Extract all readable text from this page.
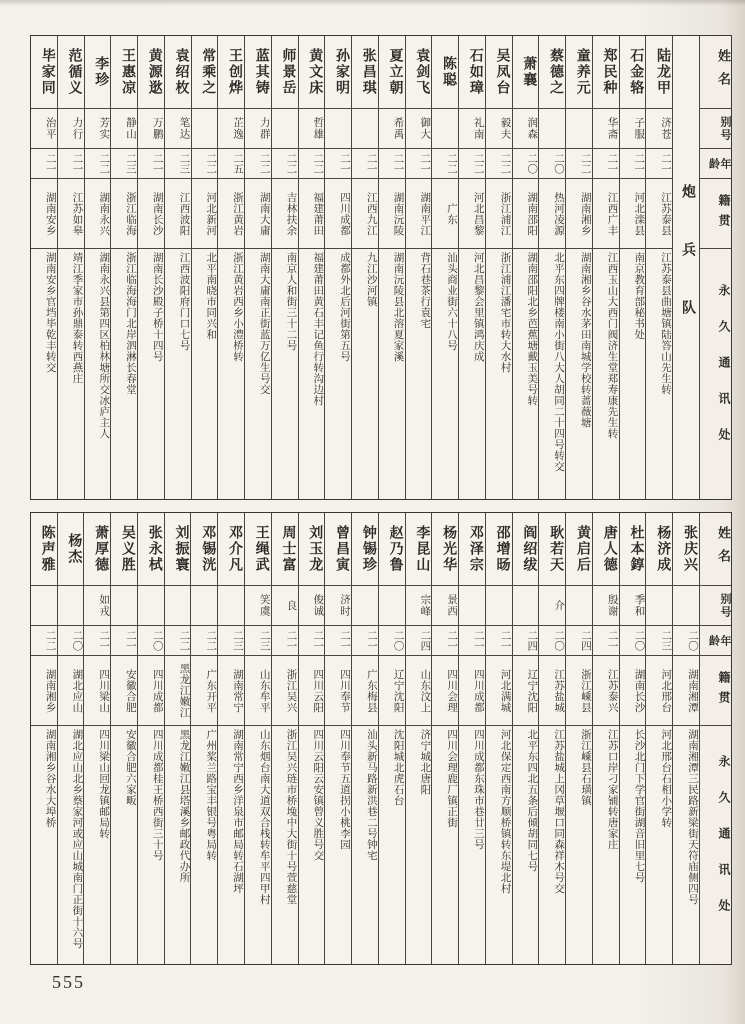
姓名
别号
年龄
籍贯
永久通讯处
炮兵队
陆龙甲
济苍
二一
江苏泰县
江苏泰县曲塘镇陆答山先生转
石金辂
子服
二一
河北滦县
南京教育部秘书处
郑民种
华斋
二一
江西广丰
江西玉山大西门阀济生堂郑寿康先生转
童养元
二二
湖南湘乡
湖南湘乡谷水茅田南城学校转蔷薇塘
蔡德之
二〇
热河凌源
北平东四牌楼南小街八大人胡同二十四号转交
萧襄
润森
二〇
湖南邵阳
湖南邵阳北乡芭蕉塘戴玉美号转
吴凤台
毅夫
二二
浙江浦江
浙江浦江潘宅市转大水村
石如璋
礼南
二二
河北昌黎
河北昌黎会里镇鸿庆成
陈聪
二二
广东
汕头商业街六十八号
袁剑飞
御大
二一
湖南平江
背石巷茶行袁宅
夏立朝
希禹
二一
湖南沅陵
湖南沅陵县北溶夏家溪
张昌琪
二一
江西九江
九江沙河镇
孙家明
二一
四川成都
成都外北后河街第五号
黄文床
哲雄
二二
福建莆田
福建莆田黄石丰记鱼行转沟边村
师景岳
二二
吉林扶余
南京人和街三十二号
蓝其铸
力群
二二
湖南大庸
湖南大庸南正街蓝万亿生号交
王创烨
芷逸
二五
浙江黄岩
浙江黄岩西乡小澧桥转
常乘之
二二
河北新河
北平南晓市同兴和
袁绍枚
笔达
二三
江西波阳
江西波阳府门口七号
黄源逖
万鹏
二一
湖南长沙
湖南长沙殿子桥十四号
王惠凉
静山
二三
浙江临海
浙江临海海门北岸泗淋长春堂
李珍
芳实
二二
湖南永兴
湖南永兴县第四区柏林塘所交冰庐主人
范循义
力行
二一
江苏如皋
靖江季家市孙鼎泰转西燕庄
毕家同
治平
二一
湖南安乡
湖南安乡官垱毕乾丰转交
姓名
别号
年龄
籍贯
永久通讯处
张庆兴
二〇
湖南湘潭
湖南湘潭三民路新梁街天符庙侧四号
杨济成
二三
河北邢台
河北邢台石相小学转
杜本錞
季和
二〇
湖南长沙
长沙北门下学官街湖音旧里七号
唐人德
殷谢
二一
江苏泰兴
江苏口岸刁家铺转唐家庄
黄启后
二四
浙江嵊县
浙江嵊县石璜镇
耿若天
介
二〇
江苏盐城
江苏盐城上冈草堰口同森祥木号交
阎绍绂
二四
辽宁沈阳
北平东四北五条后倾胡同七号
邵增旸
二一
河北满城
河北保定西南方顺桥镇转东堤北村
邓泽宗
二一
四川成都
四川成都东珠市巷廿三号
杨光华
景西
二一
四川会理
四川会理鹿厂镇正街
李昆山
宗峰
二四
山东汶上
济宁城北唐阳
赵乃鲁
二〇
辽宁沈阳
沈阳城北虎石台
钟锡珍
二一
广东梅县
汕头新马路新洪巷二号钟宅
曾昌寅
济时
二一
四川奉节
四川奉节五道拐小桃李园
刘玉龙
俊诚
二一
四川云阳
四川云阳云安镇曾义胜号交
周士富
良
二一
浙江吴兴
浙江吴兴琏市桥堍中大街十号萱慈堂
王绳武
笑虞
二三
山东牟平
山东烟台南大道双合栈转牟平四甲村
邓介凡
二三
湖南常宁
湖南常宁西乡洋泉市邮局转石湖坪
邓锡洸
二二
广东开平
广州桨兰路宝丰银号粤局转
刘振寰
二二
黑龙江嫩江
黑龙江嫩江县塔溪乡邮政代办所
张永栻
二〇
四川成都
四川成都桂王桥西街三十号
吴义胜
二一
安徽合肥
安徽合肥六家畈
萧厚德
如戎
二一
四川梁山
四川梁山回龙镇邮局转
杨杰
二〇
湖北应山
湖北应山北乡蔡家河或应山城南门正街十六号
陈声雅
二二
湖南湘乡
湖南湘乡谷水大埠桥
555
